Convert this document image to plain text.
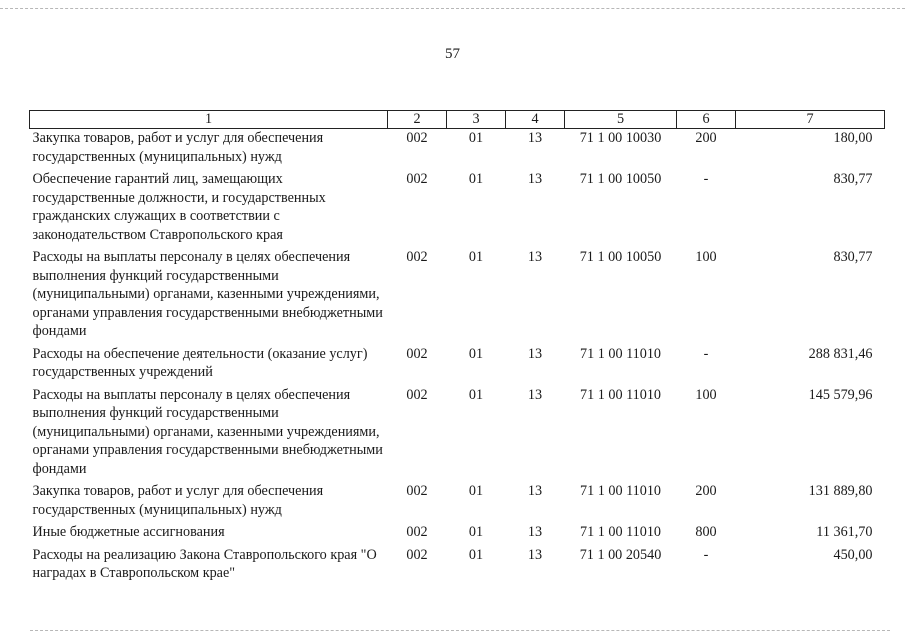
57
1	2	3	4	5	6	7
Закупка товаров, работ и услуг для обеспечения государственных (муниципальных) нужд	002	01	13	71 1 00 10030	200	180,00
Обеспечение гарантий лиц, замещающих государственные должности, и государственных гражданских служащих в соответствии с законодательством Ставропольского края	002	01	13	71 1 00 10050	-	830,77
Расходы на выплаты персоналу в целях обеспечения выполнения функций государственными (муниципальными) органами, казенными учреждениями, органами управления государственными внебюджетными фондами	002	01	13	71 1 00 10050	100	830,77
Расходы на обеспечение деятельности (оказание услуг) государственных учреждений	002	01	13	71 1 00 11010	-	288 831,46
Расходы на выплаты персоналу в целях обеспечения выполнения функций государственными (муниципальными) органами, казенными учреждениями, органами управления государственными внебюджетными фондами	002	01	13	71 1 00 11010	100	145 579,96
Закупка товаров, работ и услуг для обеспечения государственных (муниципальных) нужд	002	01	13	71 1 00 11010	200	131 889,80
Иные бюджетные ассигнования	002	01	13	71 1 00 11010	800	11 361,70
Расходы на реализацию Закона Ставропольского края "О наградах в Ставропольском крае"	002	01	13	71 1 00 20540	-	450,00
